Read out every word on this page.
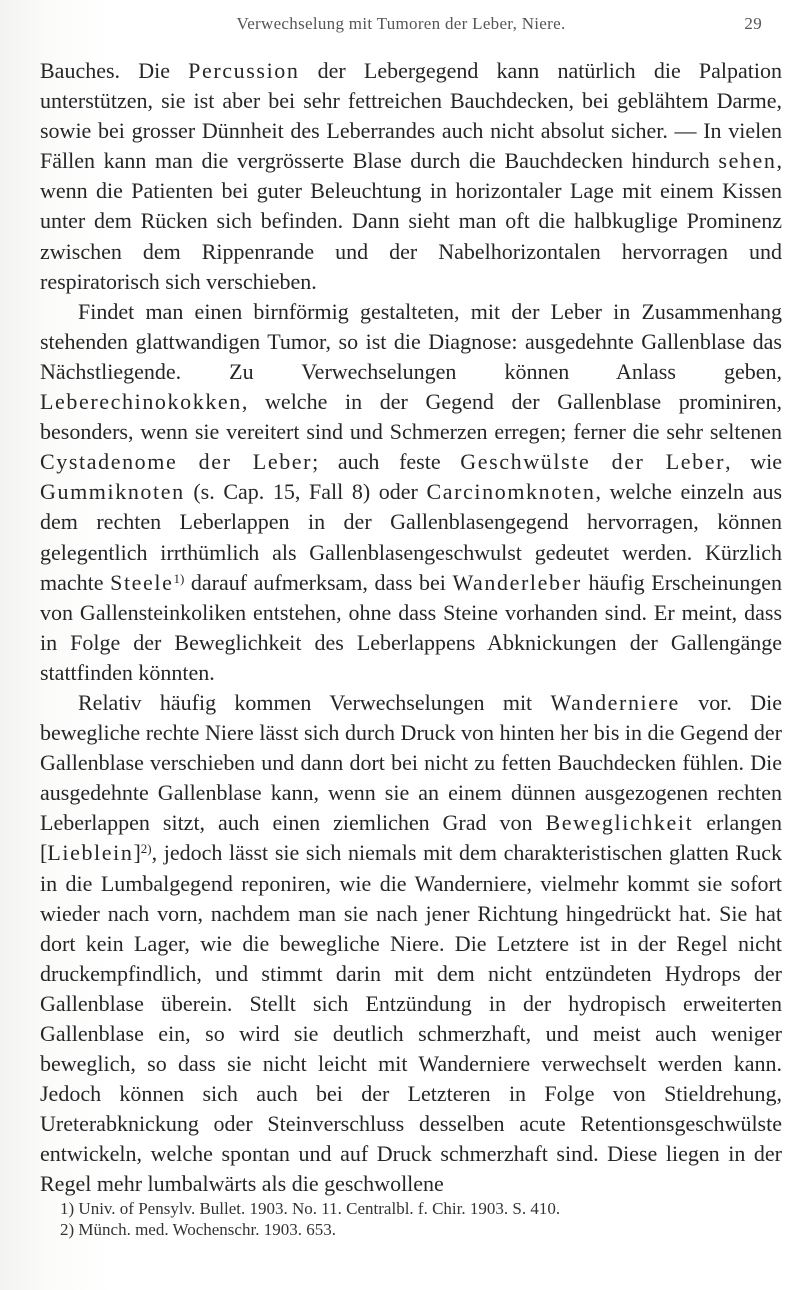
Verwechselung mit Tumoren der Leber, Niere.	29

Bauches. Die Percussion der Lebergegend kann natürlich die Palpation unterstützen, sie ist aber bei sehr fettreichen Bauchdecken, bei geblähtem Darme, sowie bei grosser Dünnheit des Leberrandes auch nicht absolut sicher. — In vielen Fällen kann man die vergrösserte Blase durch die Bauchdecken hindurch sehen, wenn die Patienten bei guter Beleuchtung in horizontaler Lage mit einem Kissen unter dem Rücken sich befinden. Dann sieht man oft die halbkuglige Prominenz zwischen dem Rippenrande und der Nabelhorizontalen hervorragen und respiratorisch sich verschieben.

Findet man einen birnförmig gestalteten, mit der Leber in Zusammenhang stehenden glattwandigen Tumor, so ist die Diagnose: ausgedehnte Gallenblase das Nächstliegende. Zu Verwechselungen können Anlass geben, Leberechinokokken, welche in der Gegend der Gallenblase prominiren, besonders, wenn sie vereitert sind und Schmerzen erregen; ferner die sehr seltenen Cystadenome der Leber; auch feste Geschwülste der Leber, wie Gummiknoten (s. Cap. 15, Fall 8) oder Carcinomknoten, welche einzeln aus dem rechten Leberlappen in der Gallenblasengegend hervorragen, können gelegentlich irrthümlich als Gallenblasengeschwulst gedeutet werden. Kürzlich machte Steele$^{1)}$ darauf aufmerksam, dass bei Wanderleber häufig Erscheinungen von Gallensteinkoliken entstehen, ohne dass Steine vorhanden sind. Er meint, dass in Folge der Beweglichkeit des Leberlappens Abknickungen der Gallengänge stattfinden könnten.

Relativ häufig kommen Verwechselungen mit Wanderniere vor. Die bewegliche rechte Niere lässt sich durch Druck von hinten her bis in die Gegend der Gallenblase verschieben und dann dort bei nicht zu fetten Bauchdecken fühlen. Die ausgedehnte Gallenblase kann, wenn sie an einem dünnen ausgezogenen rechten Leberlappen sitzt, auch einen ziemlichen Grad von Beweglichkeit erlangen [Lieblein]$^{2)}$, jedoch lässt sie sich niemals mit dem charakteristischen glatten Ruck in die Lumbalgegend reponiren, wie die Wanderniere, vielmehr kommt sie sofort wieder nach vorn, nachdem man sie nach jener Richtung hingedrückt hat. Sie hat dort kein Lager, wie die bewegliche Niere. Die Letztere ist in der Regel nicht druckempfindlich, und stimmt darin mit dem nicht entzündeten Hydrops der Gallenblase überein. Stellt sich Entzündung in der hydropisch erweiterten Gallenblase ein, so wird sie deutlich schmerzhaft, und meist auch weniger beweglich, so dass sie nicht leicht mit Wanderniere verwechselt werden kann. Jedoch können sich auch bei der Letzteren in Folge von Stieldrehung, Ureterabknickung oder Steinverschluss desselben acute Retentionsgeschwülste entwickeln, welche spontan und auf Druck schmerzhaft sind. Diese liegen in der Regel mehr lumbalwärts als die geschwollene

1) Univ. of Pensylv. Bullet. 1903. No. 11. Centralbl. f. Chir. 1903. S. 410.
2) Münch. med. Wochenschr. 1903. 653.
